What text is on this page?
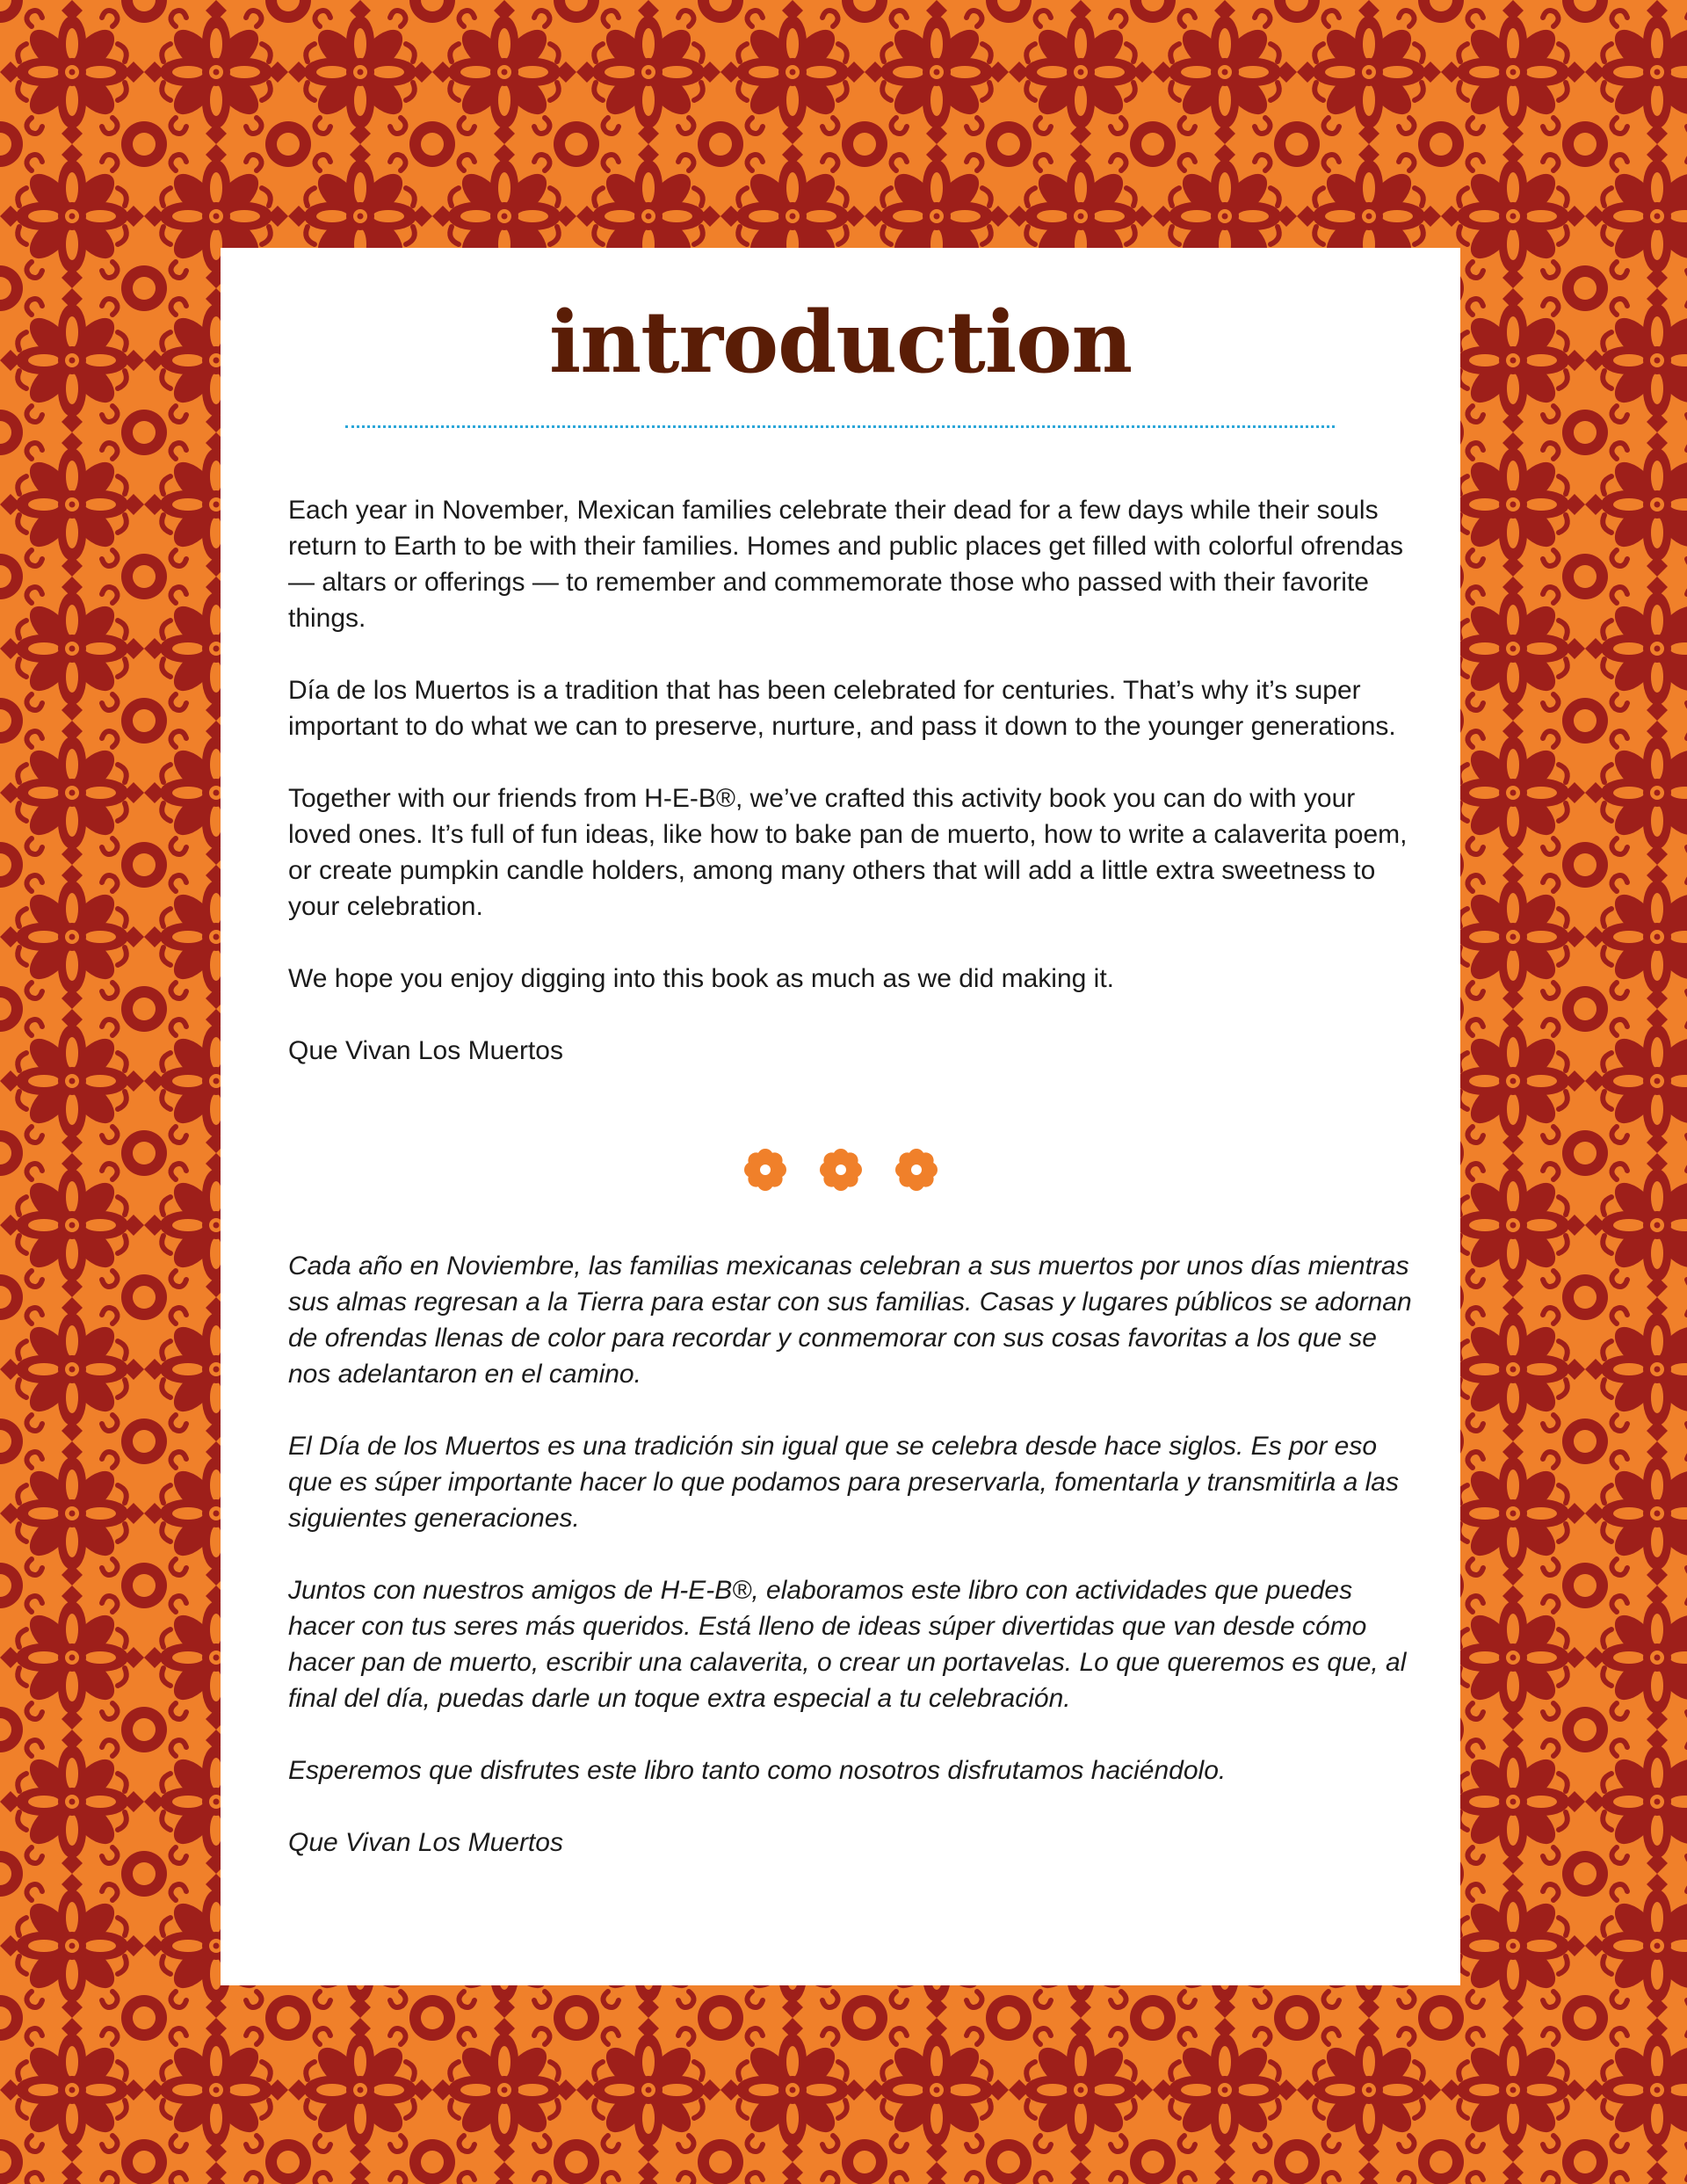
introduction

Each year in November, Mexican families celebrate their dead for a few days while their souls return to Earth to be with their families. Homes and public places get filled with colorful ofrendas — altars or offerings — to remember and commemorate those who passed with their favorite things.

Día de los Muertos is a tradition that has been celebrated for centuries. That’s why it’s super important to do what we can to preserve, nurture, and pass it down to the younger generations.

Together with our friends from H-E-B®, we’ve crafted this activity book you can do with your loved ones. It’s full of fun ideas, like how to bake pan de muerto, how to write a calaverita poem, or create pumpkin candle holders, among many others that will add a little extra sweetness to your celebration.

We hope you enjoy digging into this book as much as we did making it.

Que Vivan Los Muertos

Cada año en Noviembre, las familias mexicanas celebran a sus muertos por unos días mientras sus almas regresan a la Tierra para estar con sus familias. Casas y lugares públicos se adornan de ofrendas llenas de color para recordar y conmemorar con sus cosas favoritas a los que se nos adelantaron en el camino.

El Día de los Muertos es una tradición sin igual que se celebra desde hace siglos. Es por eso que es súper importante hacer lo que podamos para preservarla, fomentarla y transmitirla a las siguientes generaciones.

Juntos con nuestros amigos de H-E-B®, elaboramos este libro con actividades que puedes hacer con tus seres más queridos. Está lleno de ideas súper divertidas que van desde cómo hacer pan de muerto, escribir una calaverita, o crear un portavelas. Lo que queremos es que, al final del día, puedas darle un toque extra especial a tu celebración.

Esperemos que disfrutes este libro tanto como nosotros disfrutamos haciéndolo.

Que Vivan Los Muertos
